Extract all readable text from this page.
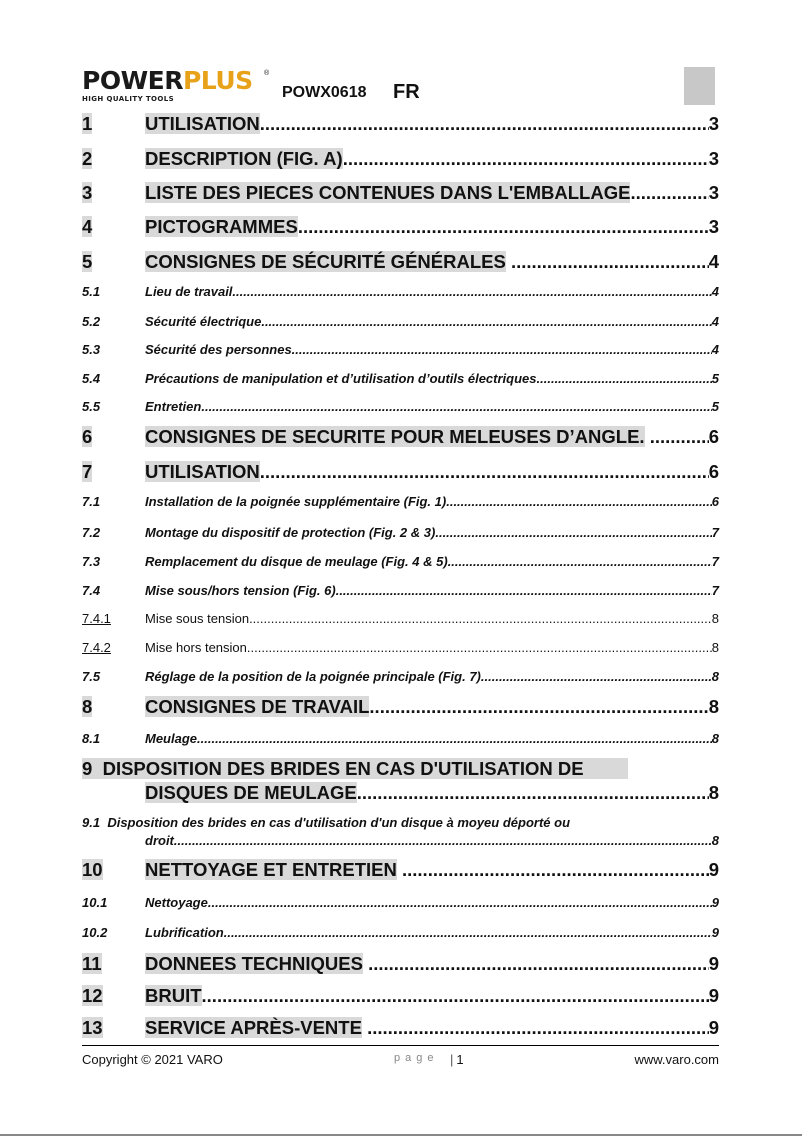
POWERPLUS ®
HIGH QUALITY TOOLS	POWX0618 FR
1	UTILISATION .....	3
2	DESCRIPTION (FIG. A) .....	3
3	LISTE DES PIECES CONTENUES DANS L'EMBALLAGE .....	3
4	PICTOGRAMMES .....	3
5	CONSIGNES DE SÉCURITÉ GÉNÉRALES .....	4
5.1	Lieu de travail .....	4
5.2	Sécurité électrique .....	4
5.3	Sécurité des personnes .....	4
5.4	Précautions de manipulation et d’utilisation d’outils électriques .....	5
5.5	Entretien .....	5
6	CONSIGNES DE SECURITE POUR MELEUSES D’ANGLE. .....	6
7	UTILISATION .....	6
7.1	Installation de la poignée supplémentaire (Fig. 1) .....	6
7.2	Montage du dispositif de protection (Fig. 2 & 3) .....	7
7.3	Remplacement du disque de meulage (Fig. 4 & 5) .....	7
7.4	Mise sous/hors tension (Fig. 6) .....	7
7.4.1	Mise sous tension .....	8
7.4.2	Mise hors tension .....	8
7.5	Réglage de la position de la poignée principale (Fig. 7) .....	8
8	CONSIGNES DE TRAVAIL .....	8
8.1	Meulage .....	8
9 DISPOSITION DES BRIDES EN CAS D'UTILISATION DE
DISQUES DE MEULAGE .....	8
9.1 Disposition des brides en cas d'utilisation d'un disque à moyeu déporté ou
droit .....	8
10	NETTOYAGE ET ENTRETIEN .....	9
10.1	Nettoyage .....	9
10.2	Lubrification .....	9
11	DONNEES TECHNIQUES .....	9
12	BRUIT .....	9
13	SERVICE APRÈS-VENTE .....	9
Copyright © 2021 VARO	page | 1	www.varo.com
